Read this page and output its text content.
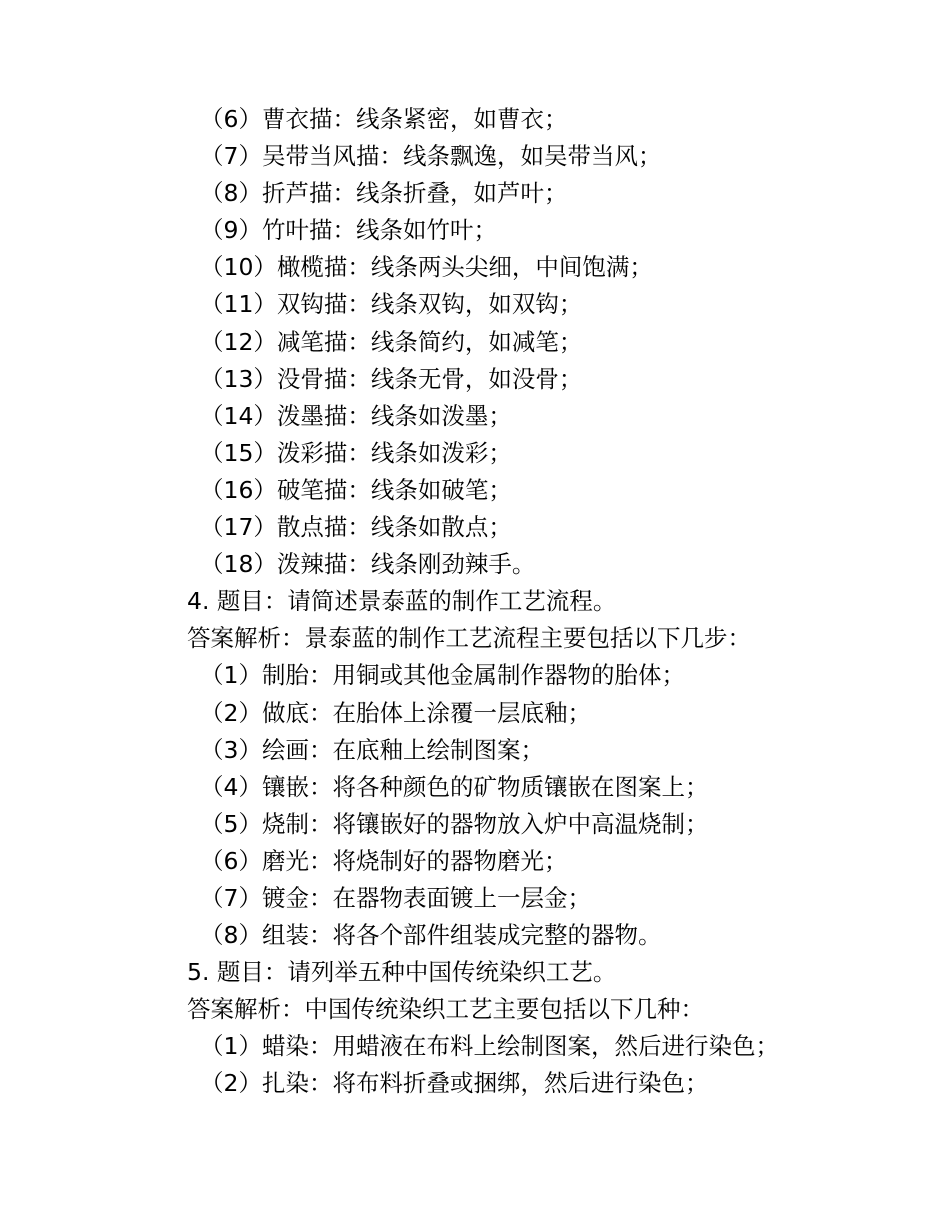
（6）曹衣描：线条紧密，如曹衣；
（7）吴带当风描：线条飘逸，如吴带当风；
（8）折芦描：线条折叠，如芦叶；
（9）竹叶描：线条如竹叶；
（10）橄榄描：线条两头尖细，中间饱满；
（11）双钩描：线条双钩，如双钩；
（12）减笔描：线条简约，如减笔；
（13）没骨描：线条无骨，如没骨；
（14）泼墨描：线条如泼墨；
（15）泼彩描：线条如泼彩；
（16）破笔描：线条如破笔；
（17）散点描：线条如散点；
（18）泼辣描：线条刚劲辣手。
4. 题目：请简述景泰蓝的制作工艺流程。
答案解析：景泰蓝的制作工艺流程主要包括以下几步：
（1）制胎：用铜或其他金属制作器物的胎体；
（2）做底：在胎体上涂覆一层底釉；
（3）绘画：在底釉上绘制图案；
（4）镶嵌：将各种颜色的矿物质镶嵌在图案上；
（5）烧制：将镶嵌好的器物放入炉中高温烧制；
（6）磨光：将烧制好的器物磨光；
（7）镀金：在器物表面镀上一层金；
（8）组装：将各个部件组装成完整的器物。
5. 题目：请列举五种中国传统染织工艺。
答案解析：中国传统染织工艺主要包括以下几种：
（1）蜡染：用蜡液在布料上绘制图案，然后进行染色；
（2）扎染：将布料折叠或捆绑，然后进行染色；
